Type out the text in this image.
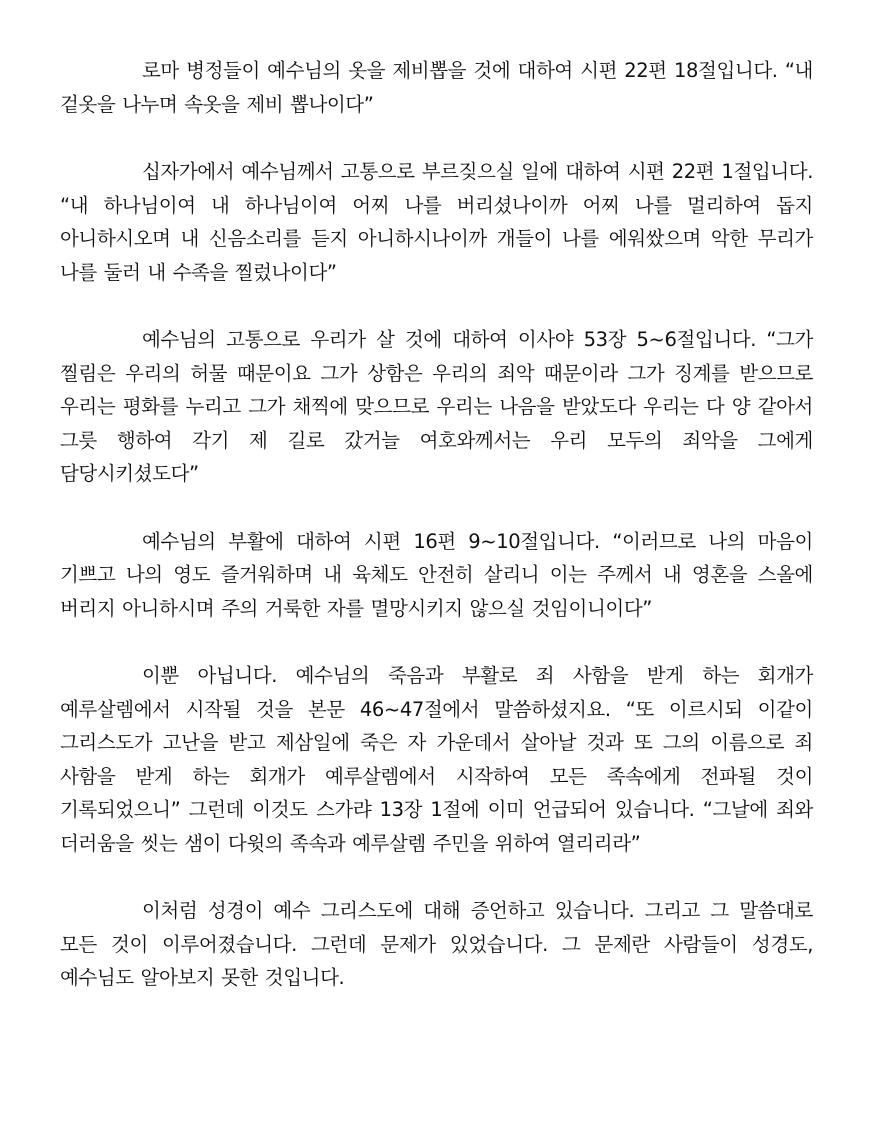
로마 병정들이 예수님의 옷을 제비뽑을 것에 대하여 시편 22편 18절입니다. “내 겉옷을 나누며 속옷을 제비 뽑나이다”

십자가에서 예수님께서 고통으로 부르짖으실 일에 대하여 시편 22편 1절입니다. “내 하나님이여 내 하나님이여 어찌 나를 버리셨나이까 어찌 나를 멀리하여 돕지 아니하시오며 내 신음소리를 듣지 아니하시나이까 개들이 나를 에워쌌으며 악한 무리가 나를 둘러 내 수족을 찔렀나이다”

예수님의 고통으로 우리가 살 것에 대하여 이사야 53장 5~6절입니다. “그가 찔림은 우리의 허물 때문이요 그가 상함은 우리의 죄악 때문이라 그가 징계를 받으므로 우리는 평화를 누리고 그가 채찍에 맞으므로 우리는 나음을 받았도다 우리는 다 양 같아서 그릇 행하여 각기 제 길로 갔거늘 여호와께서는 우리 모두의 죄악을 그에게 담당시키셨도다”

예수님의 부활에 대하여 시편 16편 9~10절입니다. “이러므로 나의 마음이 기쁘고 나의 영도 즐거워하며 내 육체도 안전히 살리니 이는 주께서 내 영혼을 스올에 버리지 아니하시며 주의 거룩한 자를 멸망시키지 않으실 것임이니이다”

이뿐 아닙니다. 예수님의 죽음과 부활로 죄 사함을 받게 하는 회개가 예루살렘에서 시작될 것을 본문 46~47절에서 말씀하셨지요. “또 이르시되 이같이 그리스도가 고난을 받고 제삼일에 죽은 자 가운데서 살아날 것과 또 그의 이름으로 죄 사함을 받게 하는 회개가 예루살렘에서 시작하여 모든 족속에게 전파될 것이 기록되었으니” 그런데 이것도 스가랴 13장 1절에 이미 언급되어 있습니다. “그날에 죄와 더러움을 씻는 샘이 다윗의 족속과 예루살렘 주민을 위하여 열리리라”

이처럼 성경이 예수 그리스도에 대해 증언하고 있습니다. 그리고 그 말씀대로 모든 것이 이루어졌습니다. 그런데 문제가 있었습니다. 그 문제란 사람들이 성경도, 예수님도 알아보지 못한 것입니다.
